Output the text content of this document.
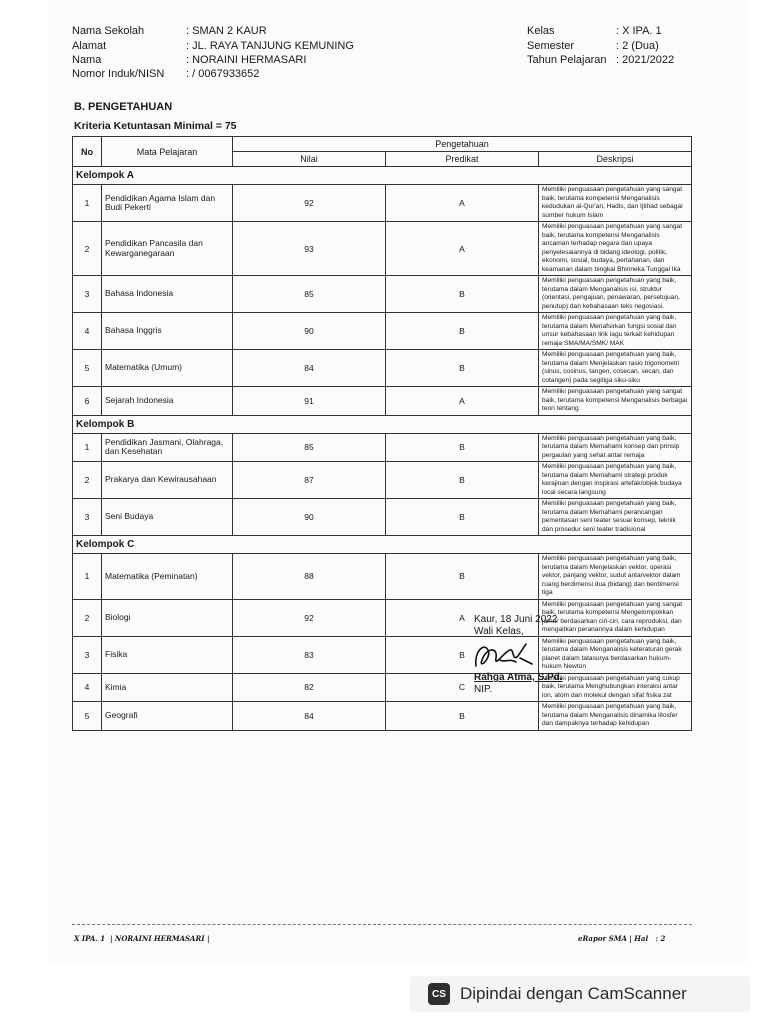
Nama Sekolah	: SMAN 2 KAUR
Alamat	: JL. RAYA TANJUNG KEMUNING
Nama	: NORAINI HERMASARI
Nomor Induk/NISN : / 0067933652
Kelas	: X IPA. 1
Semester	: 2 (Dua)
Tahun Pelajaran : 2021/2022
B. PENGETAHUAN
Kriteria Ketuntasan Minimal = 75
No	Mata Pelajaran	Pengetahuan		
		Nilai	Predikat	Deskripsi
Kelompok A				
1	Pendidikan Agama Islam dan Budi Pekerti	92	A	Memiliki penguasaan pengetahuan yang sangat baik, terutama kompetensi Menganalisis kedudukan al-Qur'an, Hadis, dan Ijtihad sebagai sumber hukum Islam
2	Pendidikan Pancasila dan Kewarganegaraan	93	A	Memiliki penguasaan pengetahuan yang sangat baik, terutama kompetensi Menganalisis ancaman terhadap negara dan upaya penyelesaiannya di bidang ideologi, politik, ekonomi, sosial, budaya, pertahanan, dan keamanan dalam bingkai Bhinneka Tunggal Ika
3	Bahasa Indonesia	85	B	Memiliki penguasaan pengetahuan yang baik, terutama dalam Menganalisis isi, struktur (orientasi, pengajuan, penawaran, persetujuan, penutup) dan kebahasaan teks negosiasi.
4	Bahasa Inggris	90	B	Memiliki penguasaan pengetahuan yang baik, terutama dalam Menafsirkan fungsi sosial dan unsur kebahasaan lirik lagu terkait kehidupan remaja SMA/MA/SMK/ MAK
5	Matematika (Umum)	84	B	Memiliki penguasaan pengetahuan yang baik, terutama dalam Menjelaskan rasio trigonometri (sinus, cosinus, tangen, cosecan, secan, dan cotangen) pada segitiga siku-siku
6	Sejarah Indonesia	91	A	Memiliki penguasaan pengetahuan yang sangat baik, terutama kompetensi Menganalisis berbagai teori tentang
Kelompok B				
1	Pendidikan Jasmani, Olahraga, dan Kesehatan	85	B	Memiliki penguasaan pengetahuan yang baik, terutama dalam Memahami konsep dan prinsip pergaulan yang sehat antar remaja
2	Prakarya dan Kewirausahaan	87	B	Memiliki penguasaan pengetahuan yang baik, terutama dalam Memahami strategi produk kerajinan dengan inspirasi artefak/objek budaya local secara langsung
3	Seni Budaya	90	B	Memiliki penguasaan pengetahuan yang baik, terutama dalam Memahami perancangan pementasan seni teater sesuai konsep, teknik dan prosedur seni teater tradisional
Kelompok C				
1	Matematika (Peminatan)	88	B	Memiliki penguasaan pengetahuan yang baik, terutama dalam Menjelaskan vektor, operasi vektor, panjang vektor, sudut antarvektor dalam ruang berdimensi dua (bidang) dan berdimensi tiga
2	Biologi	92	A	Memiliki penguasaan pengetahuan yang sangat baik, terutama kompetensi Mengelompokkan jamur berdasarkan ciri-ciri, cara reproduksi, dan mengaitkan peranannya dalam kehidupan
3	Fisika	83	B	Memiliki penguasaan pengetahuan yang baik, terutama dalam Menganalisis keteraturan gerak planet dalam tatasurya berdasarkan hukum-hukum Newton
4	Kimia	82	C	Memiliki penguasaan pengetahuan yang cukup baik, terutama Menghubungkan interaksi antar ion, atom dan molekul dengan sifat fisika zat
5	Geografi	84	B	Memiliki penguasaan pengetahuan yang baik, terutama dalam Menganalisis dinamika litosfer dan dampaknya terhadap kehidupan
Kaur, 18 Juni 2022
Wali Kelas,
Rahga Atma, S.Pd.
NIP.
X IPA. 1  | NORAINI HERMASARI |	eRapor SMA | Hal   : 2
CS Dipindai dengan CamScanner
